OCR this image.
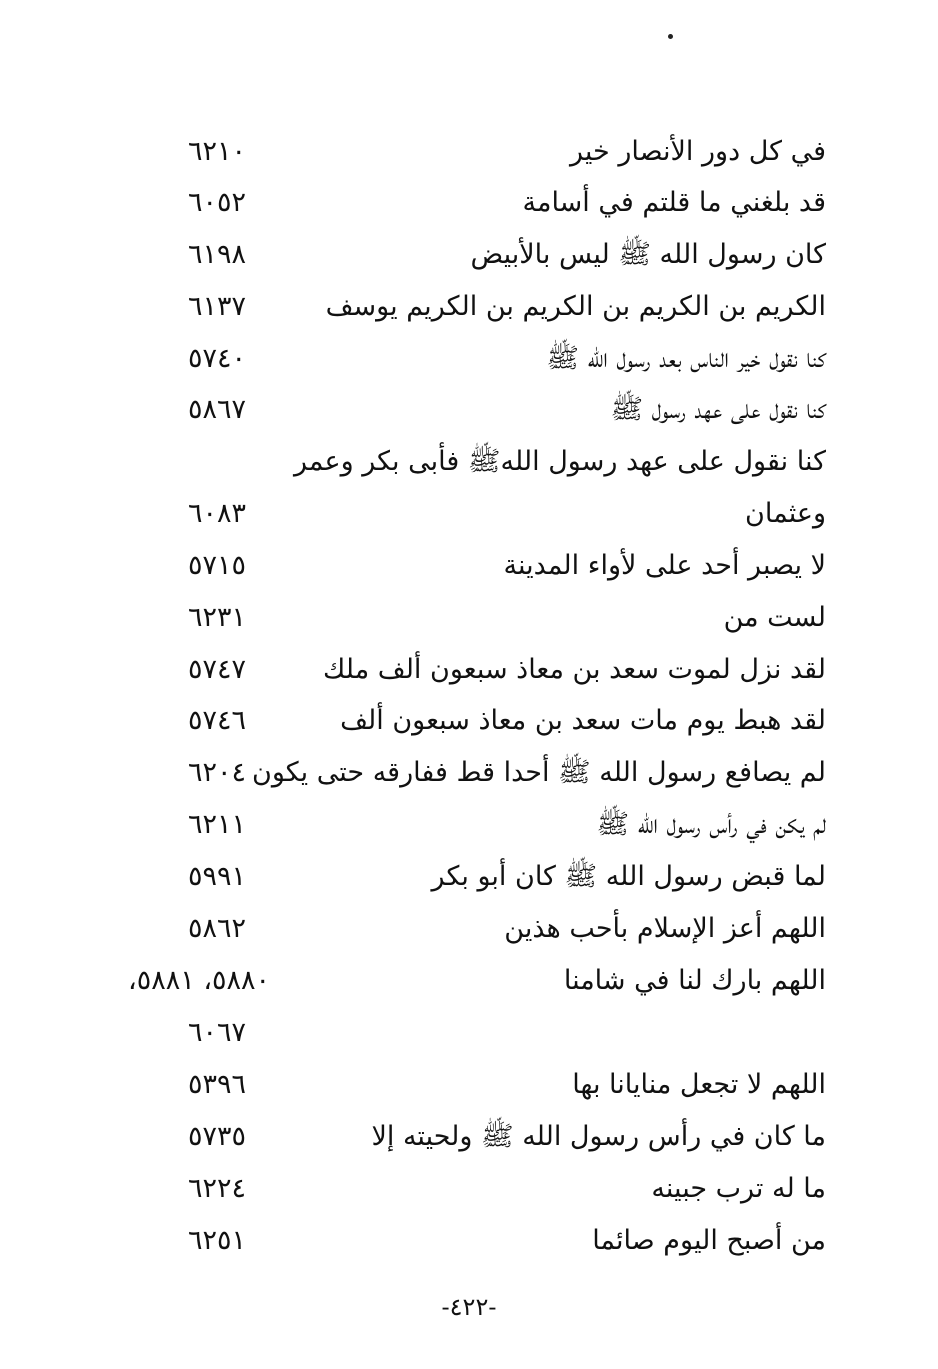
في كل دور الأنصار خير
٦٢١٠
قد بلغني ما قلتم في أسامة
٦٠٥٢
كان رسول الله ﷺ ليس بالأبيض
٦١٩٨
الكريم بن الكريم بن الكريم بن الكريم يوسف
٦١٣٧
كنا نقول خير الناس بعد رسول الله ﷺ
٥٧٤٠
كنا نقول على عهد رسول ﷺ
٥٨٦٧
كنا نقول على عهد رسول اللهﷺ فأبى بكر وعمر
وعثمان
٦٠٨٣
لا يصبر أحد على لأواء المدينة
٥٧١٥
لست من
٦٢٣١
لقد نزل لموت سعد بن معاذ سبعون ألف ملك
٥٧٤٧
لقد هبط يوم مات سعد بن معاذ سبعون ألف
٥٧٤٦
لم يصافع رسول الله ﷺ أحدا قط ففارقه حتى يكون
٦٢٠٤
لم يكن في رأس رسول الله ﷺ
٦٢١١
لما قبض رسول الله ﷺ كان أبو بكر
٥٩٩١
اللهم أعز الإسلام بأحب هذين
٥٨٦٢
اللهم بارك لنا في شامنا
٥٨٨٠، ٥٨٨١،
٦٠٦٧
اللهم لا تجعل منايانا بها
٥٣٩٦
ما كان في رأس رسول الله ﷺ ولحيته إلا
٥٧٣٥
ما له ترب جبينه
٦٢٢٤
من أصبح اليوم صائما
٦٢٥١
-٤٢٢-
